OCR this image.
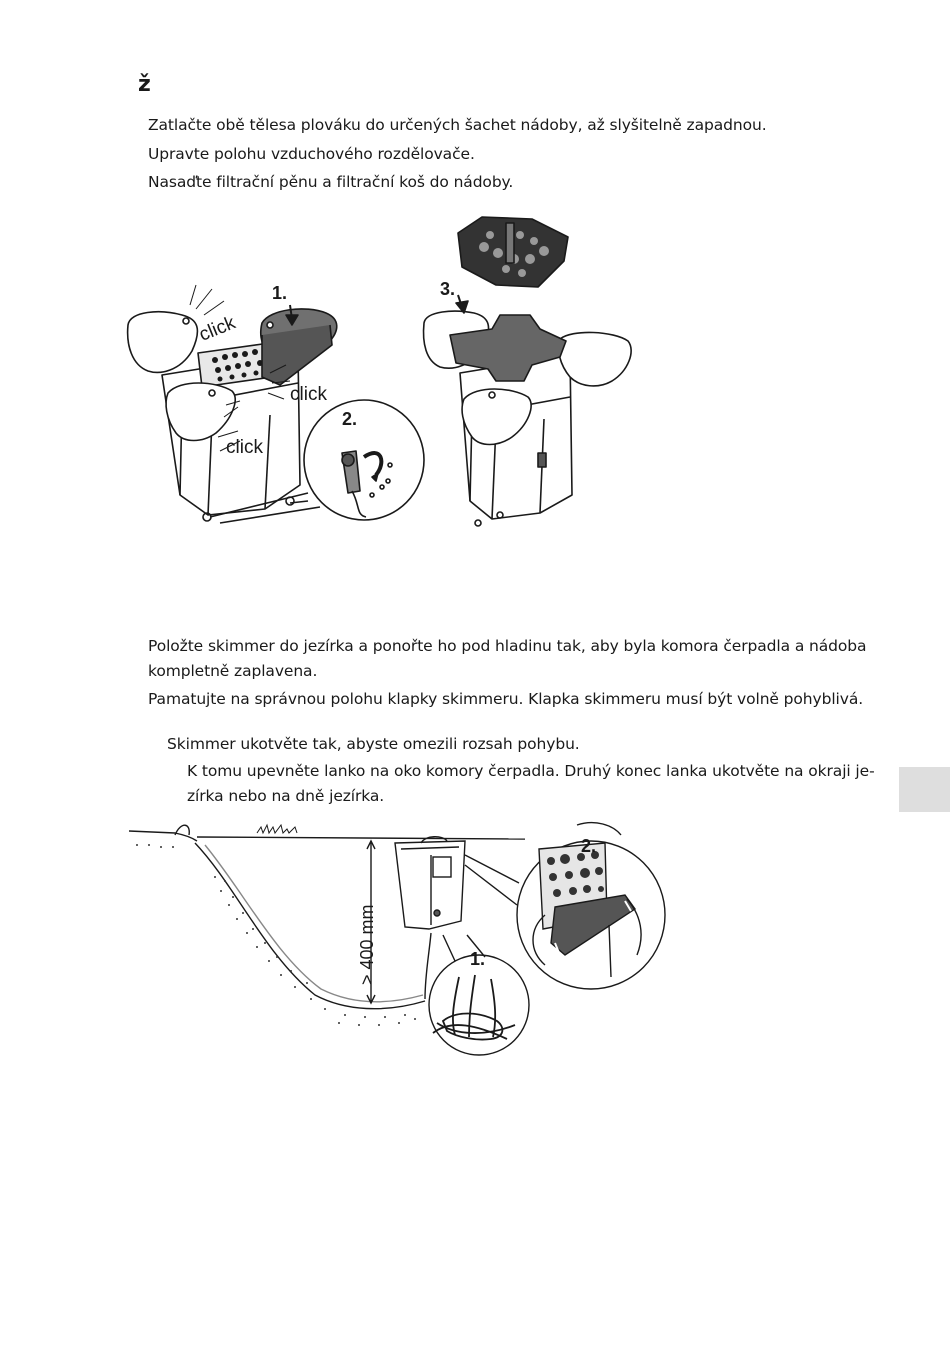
ž
Zatlačte obě tělesa plováku do určených šachet nádoby, až slyšitelně zapadnou.
Upravte polohu vzduchového rozdělovače.
Nasaďte filtrační pěnu a filtrační koš do nádoby.
1.
2.
3.
click
click
click
Položte skimmer do jezírka a ponořte ho pod hladinu tak, aby byla komora čerpadla a nádoba
kompletně zaplavena.
Pamatujte na správnou polohu klapky skimmeru. Klapka skimmeru musí být volně pohyblivá.
Skimmer ukotvěte tak, abyste omezili rozsah pohybu.
K tomu upevněte lanko na oko komory čerpadla. Druhý konec lanka ukotvěte na okraji je-
zírka nebo na dně jezírka.
> 400 mm	1.
2.
